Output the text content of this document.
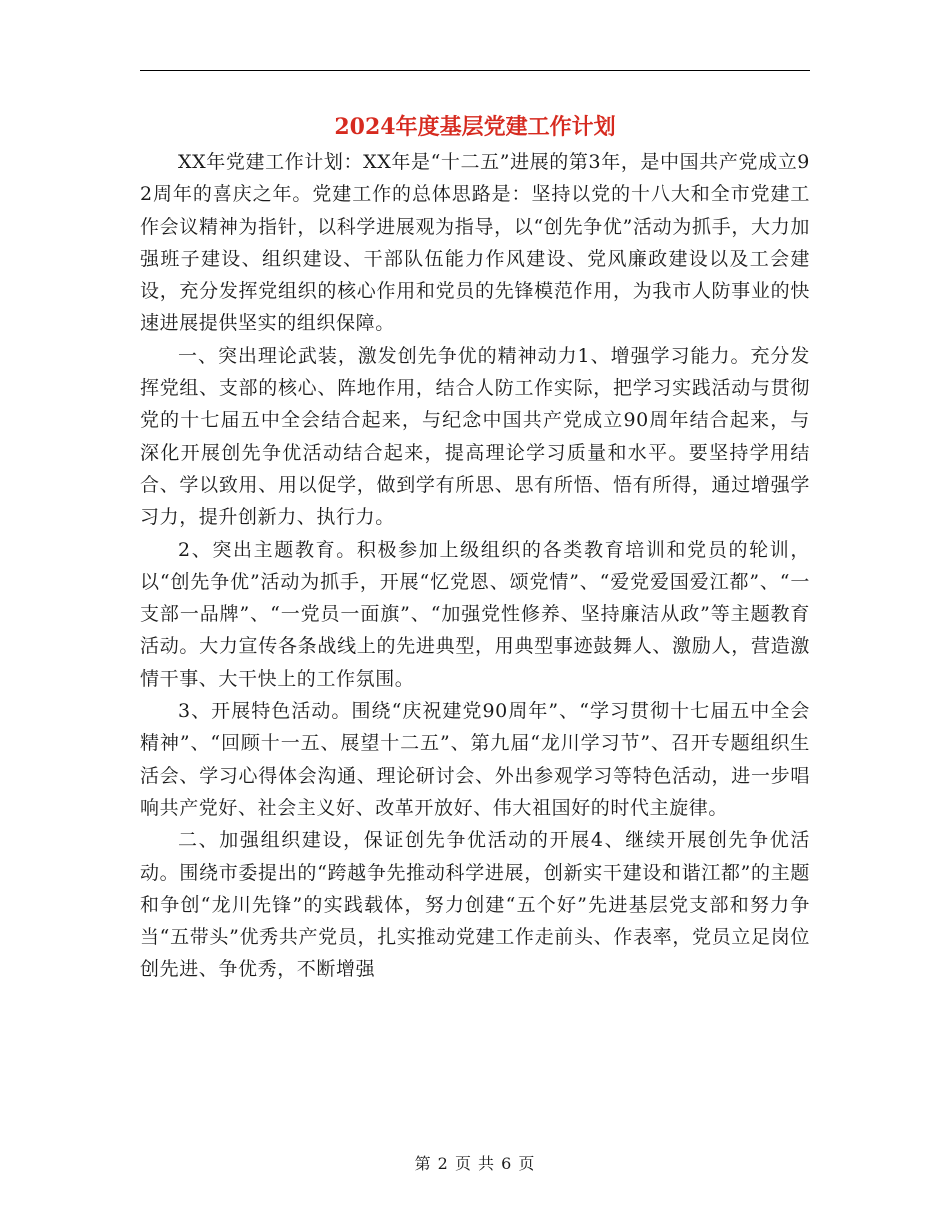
2024年度基层党建工作计划

XX年党建工作计划：XX年是“十二五”进展的第3年，是中国共产党成立92周年的喜庆之年。党建工作的总体思路是：坚持以党的十八大和全市党建工作会议精神为指针，以科学进展观为指导，以“创先争优”活动为抓手，大力加强班子建设、组织建设、干部队伍能力作风建设、党风廉政建设以及工会建设，充分发挥党组织的核心作用和党员的先锋模范作用，为我市人防事业的快速进展提供坚实的组织保障。

一、突出理论武装，激发创先争优的精神动力1、增强学习能力。充分发挥党组、支部的核心、阵地作用，结合人防工作实际，把学习实践活动与贯彻党的十七届五中全会结合起来，与纪念中国共产党成立90周年结合起来，与深化开展创先争优活动结合起来，提高理论学习质量和水平。要坚持学用结合、学以致用、用以促学，做到学有所思、思有所悟、悟有所得，通过增强学习力，提升创新力、执行力。

2、突出主题教育。积极参加上级组织的各类教育培训和党员的轮训，以“创先争优”活动为抓手，开展“忆党恩、颂党情”、“爱党爱国爱江都”、“一支部一品牌”、“一党员一面旗”、“加强党性修养、坚持廉洁从政”等主题教育活动。大力宣传各条战线上的先进典型，用典型事迹鼓舞人、激励人，营造激情干事、大干快上的工作氛围。

3、开展特色活动。围绕“庆祝建党90周年”、“学习贯彻十七届五中全会精神”、“回顾十一五、展望十二五”、第九届“龙川学习节”、召开专题组织生活会、学习心得体会沟通、理论研讨会、外出参观学习等特色活动，进一步唱响共产党好、社会主义好、改革开放好、伟大祖国好的时代主旋律。

二、加强组织建设，保证创先争优活动的开展4、继续开展创先争优活动。围绕市委提出的“跨越争先推动科学进展，创新实干建设和谐江都”的主题和争创“龙川先锋”的实践载体，努力创建“五个好”先进基层党支部和努力争当“五带头”优秀共产党员，扎实推动党建工作走前头、作表率，党员立足岗位创先进、争优秀，不断增强

第 2 页 共 6 页
